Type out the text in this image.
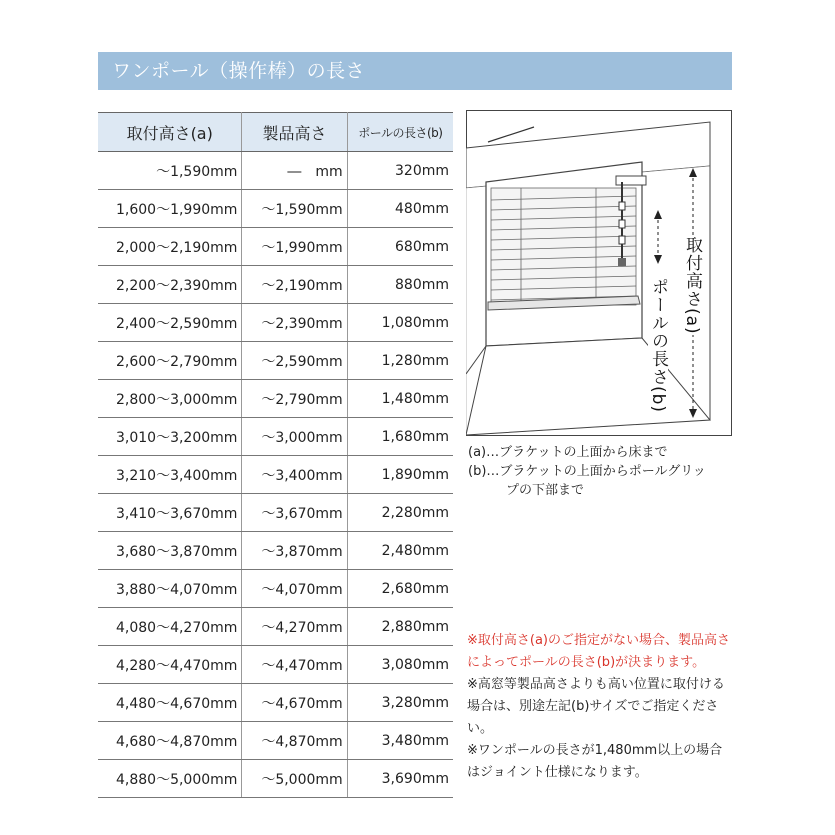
ワンポール（操作棒）の長さ
取付高さ(a)	製品高さ	ポールの長さ(b)
～1,590mm	―　mm	320mm
1,600～1,990mm	～1,590mm	480mm
2,000～2,190mm	～1,990mm	680mm
2,200～2,390mm	～2,190mm	880mm
2,400～2,590mm	～2,390mm	1,080mm
2,600～2,790mm	～2,590mm	1,280mm
2,800～3,000mm	～2,790mm	1,480mm
3,010～3,200mm	～3,000mm	1,680mm
3,210～3,400mm	～3,400mm	1,890mm
3,410～3,670mm	～3,670mm	2,280mm
3,680～3,870mm	～3,870mm	2,480mm
3,880～4,070mm	～4,070mm	2,680mm
4,080～4,270mm	～4,270mm	2,880mm
4,280～4,470mm	～4,470mm	3,080mm
4,480～4,670mm	～4,670mm	3,280mm
4,680～4,870mm	～4,870mm	3,480mm
4,880～5,000mm	～5,000mm	3,690mm
取付高さ(a)
ポールの長さ(b)
(a)…ブラケットの上面から床まで
(b)…ブラケットの上面からポールグリッ
プの下部まで

※取付高さ(a)のご指定がない場合、製品高さによってポールの長さ(b)が決まります。

※高窓等製品高さよりも高い位置に取付ける場合は、別途左記(b)サイズでご指定ください。

※ワンポールの長さが1,480mm以上の場合はジョイント仕様になります。
